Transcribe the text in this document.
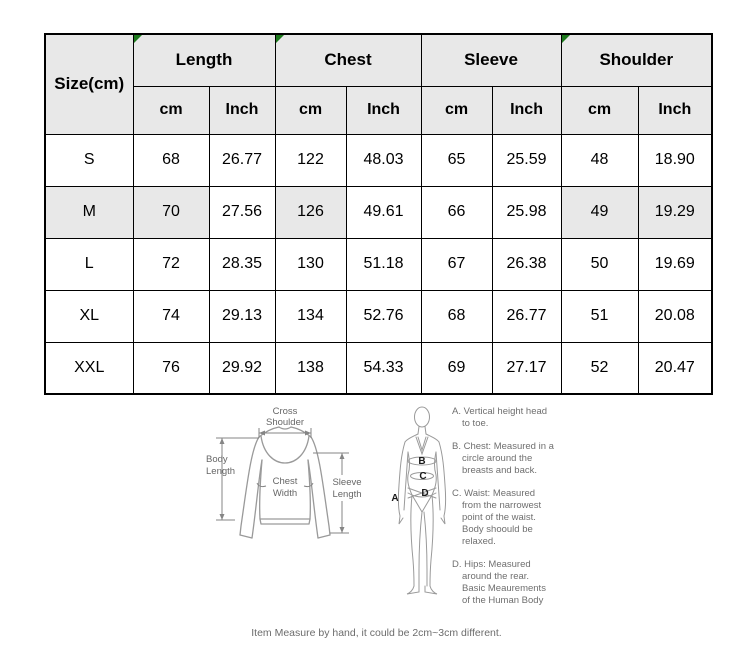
Size(cm)	Length		Chest		Sleeve		Shoulder	
	cm	Inch	cm	Inch	cm	Inch	cm	Inch
S	68	26.77	122	48.03	65	25.59	48	18.90
M	70	27.56	126	49.61	66	25.98	49	19.29
L	72	28.35	130	51.18	67	26.38	50	19.69
XL	74	29.13	134	52.76	68	26.77	51	20.08
XXL	76	29.92	138	54.33	69	27.17	52	20.47
Cross
Shoulder
Body
Length
Chest
Width
Sleeve
Length	A
B
C
D
A. Vertical height head
to toe.
B. Chest: Measured in a
circle around the
breasts and back.
C. Waist: Measured
from the narrowest
point of the waist.
Body shoould be
relaxed.
D. Hips: Measured
around the rear.
Basic Meaurements
of the Human Body
Item Measure by hand, it could be 2cm~3cm different.
